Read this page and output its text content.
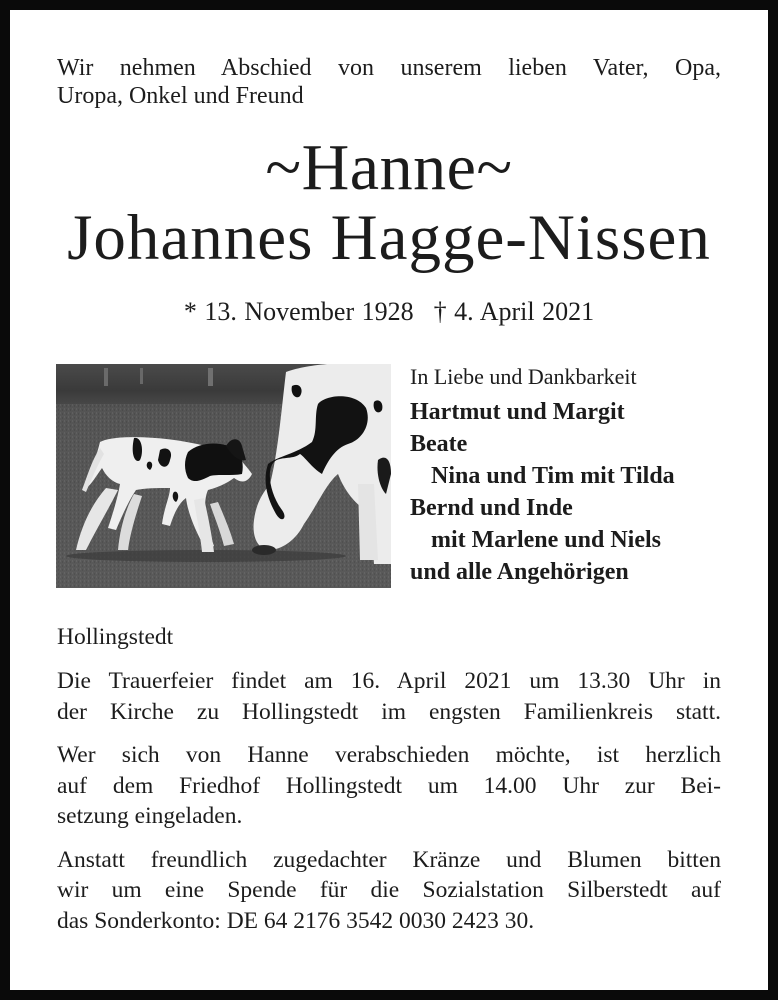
Wir nehmen Abschied von unserem lieben Vater, Opa,
Uropa, Onkel und Freund
~Hanne~
Johannes Hagge-Nissen
* 13. November 1928 † 4. April 2021
In Liebe und Dankbarkeit
Hartmut und Margit
Beate
Nina und Tim mit Tilda
Bernd und Inde
mit Marlene und Niels
und alle Angehörigen
Hollingstedt
Die Trauerfeier findet am 16. April 2021 um 13.30 Uhr in
der Kirche zu Hollingstedt im engsten Familienkreis statt.
Wer sich von Hanne verabschieden möchte, ist herzlich
auf dem Friedhof Hollingstedt um 14.00 Uhr zur Bei-
setzung eingeladen.
Anstatt freundlich zugedachter Kränze und Blumen bitten
wir um eine Spende für die Sozialstation Silberstedt auf
das Sonderkonto: DE 64 2176 3542 0030 2423 30.
